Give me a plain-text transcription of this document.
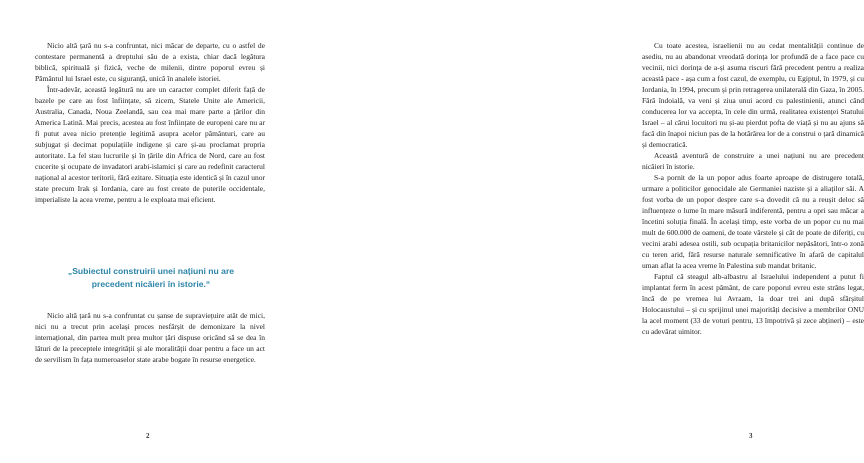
Nicio altă țară nu s-a confruntat, nici măcar de departe, cu o astfel de contestare permanentă a dreptului său de a exista, chiar dacă legătura biblică, spirituală și fizică, veche de milenii, dintre poporul evreu și Pământul lui Israel este, cu siguranță, unică în analele istoriei.

Într-adevăr, această legătură nu are un caracter complet diferit față de bazele pe care au fost înființate, să zicem, Statele Unite ale Americii, Australia, Canada, Noua Zeelandă, sau cea mai mare parte a țărilor din America Latină. Mai precis, acestea au fost înființate de europeni care nu ar fi putut avea nicio pretenție legitimă asupra acelor pământuri, care au subjugat și decimat populațiile indigene și care și-au proclamat propria autoritate. La fel stau lucrurile și în țările din Africa de Nord, care au fost cucerite și ocupate de invadatori arabi-islamici și care au redefinit caracterul național al acestor teritorii, fără ezitare. Situația este identică și în cazul unor state precum Irak și Iordania, care au fost create de puterile occidentale, imperialiste la acea vreme, pentru a le exploata mai eficient.

„Subiectul construirii unei națiuni nu are precedent nicăieri în istorie.“

Nicio altă țară nu s-a confruntat cu șanse de supraviețuire atât de mici, nici nu a trecut prin același proces nesfârșit de demonizare la nivel internațional, din partea mult prea multor țări dispuse oricând să se dea în lături de la preceptele integrității și ale moralității doar pentru a face un act de servilism în fața numeroaselor state arabe bogate în resurse energetice.

2

Cu toate acestea, israelienii nu au cedat mentalității continue de asediu, nu au abandonat vreodată dorința lor profundă de a face pace cu vecinii, nici dorința de a-și asuma riscuri fără precedent pentru a realiza această pace - așa cum a fost cazul, de exemplu, cu Egiptul, în 1979, și cu Iordania, în 1994, precum și prin retragerea unilaterală din Gaza, în 2005. Fără îndoială, va veni și ziua unui acord cu palestinienii, atunci când conducerea lor va accepta, în cele din urmă, realitatea existenței Statului Israel – al cărui locuitori nu și-au pierdut pofta de viață și nu au ajuns să facă din înapoi niciun pas de la hotărârea lor de a construi o țară dinamică și democratică.

Această aventură de construire a unei națiuni nu are precedent nicăieri în istorie.

S-a pornit de la un popor adus foarte aproape de distrugere totală, urmare a politicilor genocidale ale Germaniei naziste și a aliaților săi. A fost vorba de un popor despre care s-a dovedit că nu a reușit deloc să influențeze o lume în mare măsură indiferentă, pentru a opri sau măcar a încetini soluția finală. În același timp, este vorba de un popor cu nu mai mult de 600.000 de oameni, de toate vârstele și cât de poate de diferiți, cu vecini arabi adesea ostili, sub ocupația britanicilor nepăsători, într-o zonă cu teren arid, fără resurse naturale semnificative în afară de capitalul uman aflat la acea vreme în Palestina sub mandat britanic.

Faptul că steagul alb-albastru al Israelului independent a putut fi implantat ferm în acest pământ, de care poporul evreu este strâns legat, încă de pe vremea lui Avraam, la doar trei ani după sfârșitul Holocaustului – și cu sprijinul unei majorități decisive a membrilor ONU la acel moment (33 de voturi pentru, 13 împotrivă și zece abțineri) – este cu adevărat uimitor.

3
